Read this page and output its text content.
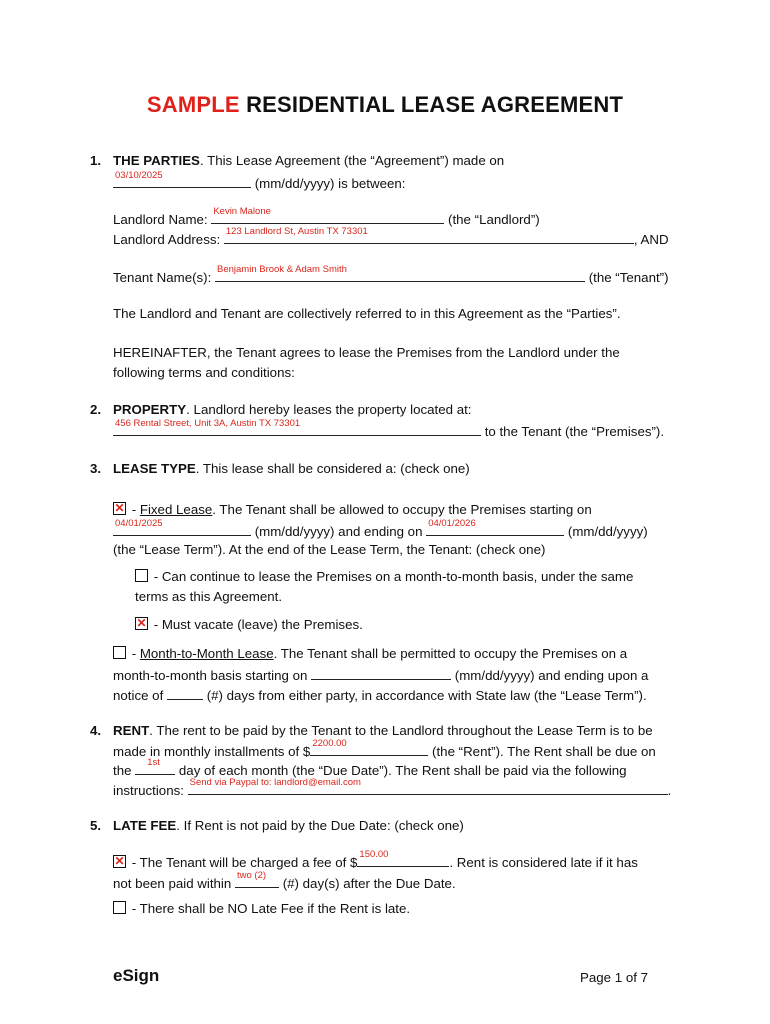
SAMPLE RESIDENTIAL LEASE AGREEMENT
1. THE PARTIES. This Lease Agreement (the “Agreement”) made on
03/10/2025
(mm/dd/yyyy) is between:
Landlord Name:
Kevin Malone
(the “Landlord”)
Landlord Address:
123 Landlord St, Austin TX 73301
, AND
Tenant Name(s):
Benjamin Brook & Adam Smith
(the “Tenant”)
The Landlord and Tenant are collectively referred to in this Agreement as the “Parties”.
HEREINAFTER, the Tenant agrees to lease the Premises from the Landlord under the
following terms and conditions:
2. PROPERTY. Landlord hereby leases the property located at:
456 Rental Street, Unit 3A, Austin TX 73301
to the Tenant (the “Premises”).
3. LEASE TYPE. This lease shall be considered a: (check one)
✕ - Fixed Lease. The Tenant shall be allowed to occupy the Premises starting on
04/01/2025
(mm/dd/yyyy) and ending on
04/01/2026
(mm/dd/yyyy)
(the “Lease Term”). At the end of the Lease Term, the Tenant: (check one)
- Can continue to lease the Premises on a month-to-month basis, under the same
terms as this Agreement.
✕ - Must vacate (leave) the Premises.
- Month-to-Month Lease. The Tenant shall be permitted to occupy the Premises on a
month-to-month basis starting on	(mm/dd/yyyy) and ending upon a
notice of	(#) days from either party, in accordance with State law (the “Lease Term”).
4. RENT. The rent to be paid by the Tenant to the Landlord throughout the Lease Term is to be
made in monthly installments of $
2200.00
(the “Rent”). The Rent shall be due on
the
1st
day of each month (the “Due Date”). The Rent shall be paid via the following
instructions:
Send via Paypal to: landlord@email.com
.
5. LATE FEE. If Rent is not paid by the Due Date: (check one)
✕ - The Tenant will be charged a fee of $
150.00
. Rent is considered late if it has
not been paid within
two (2)
(#) day(s) after the Due Date.
- There shall be NO Late Fee if the Rent is late.
eSign	Page 1 of 7
